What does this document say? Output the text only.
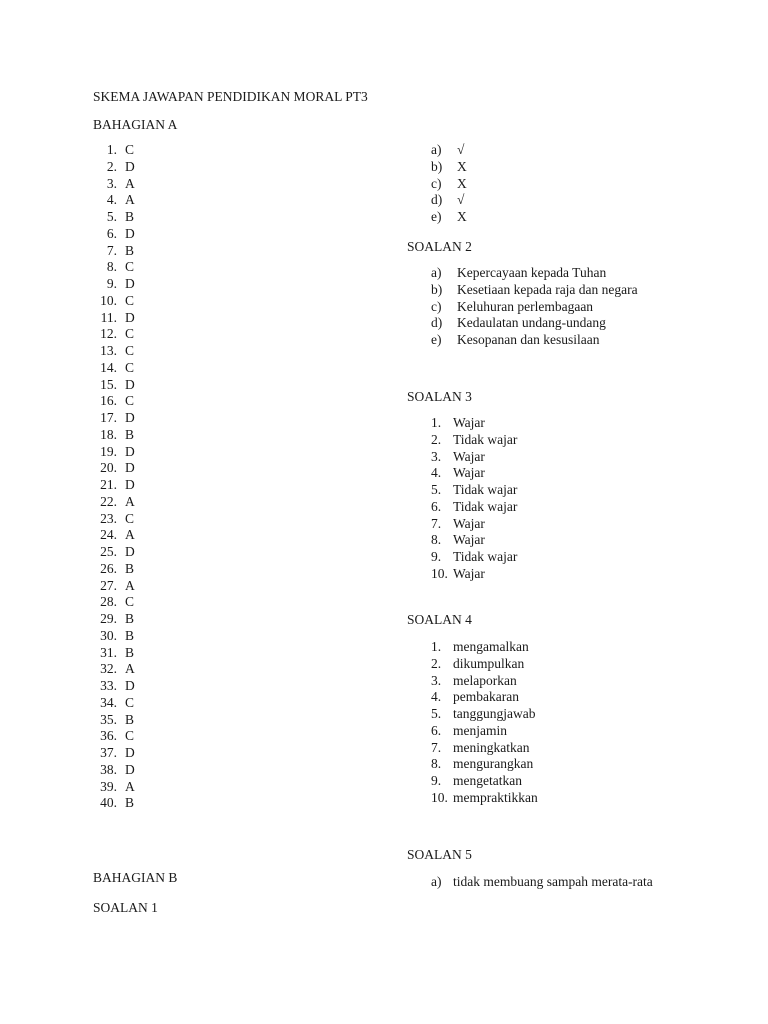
SKEMA JAWAPAN PENDIDIKAN MORAL PT3
BAHAGIAN A
1. C
2. D
3. A
4. A
5. B
6. D
7. B
8. C
9. D
10. C
11. D
12. C
13. C
14. C
15. D
16. C
17. D
18. B
19. D
20. D
21. D
22. A
23. C
24. A
25. D
26. B
27. A
28. C
29. B
30. B
31. B
32. A
33. D
34. C
35. B
36. C
37. D
38. D
39. A
40. B
BAHAGIAN B
SOALAN 1
a) √
b) X
c) X
d) √
e) X
SOALAN 2
a) Kepercayaan kepada Tuhan
b) Kesetiaan kepada raja dan negara
c) Keluhuran perlembagaan
d) Kedaulatan undang-undang
e) Kesopanan dan kesusilaan
SOALAN 3
1. Wajar
2. Tidak wajar
3. Wajar
4. Wajar
5. Tidak wajar
6. Tidak wajar
7. Wajar
8. Wajar
9. Tidak wajar
10. Wajar
SOALAN 4
1. mengamalkan
2. dikumpulkan
3. melaporkan
4. pembakaran
5. tanggungjawab
6. menjamin
7. meningkatkan
8. mengurangkan
9. mengetatkan
10. mempraktikkan
SOALAN 5
a) tidak membuang sampah merata-rata
